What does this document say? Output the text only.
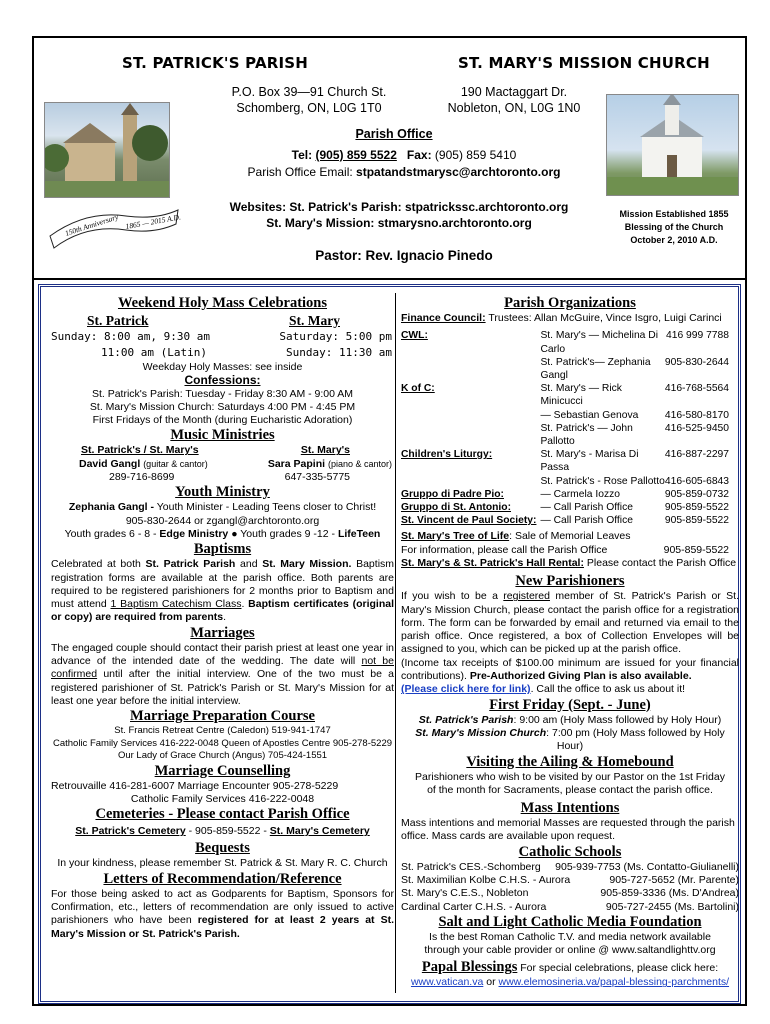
ST. PATRICK'S PARISH	ST. MARY'S MISSION CHURCH
150th Anniversary 1865 — 2015 A.D.
P.O. Box 39—91 Church St.
Schomberg, ON, L0G 1T0
190 Mactaggart Dr.
Nobleton, ON, L0G 1N0
Parish Office
Tel: (905) 859 5522 Fax: (905) 859 5410
Parish Office Email: stpatandstmarysc@archtoronto.org
Websites: St. Patrick's Parish: stpatrickssc.archtoronto.org
St. Mary's Mission: stmarysno.archtoronto.org
Mission Established 1855
Blessing of the Church
October 2, 2010 A.D.
Pastor: Rev. Ignacio Pinedo
Weekend Holy Mass Celebrations
St. Patrick	St. Mary
Sunday: 8:00 am, 9:30 am	Saturday: 5:00 pm
11:00 am (Latin)	Sunday: 11:30 am
Weekday Holy Masses: see inside
Confessions:
St. Patrick's Parish: Tuesday - Friday 8:30 AM - 9:00 AM
St. Mary's Mission Church: Saturdays 4:00 PM - 4:45 PM
First Fridays of the Month (during Eucharistic Adoration)
Music Ministries
St. Patrick's / St. Mary's	St. Mary's
David Gangl (guitar & cantor)	Sara Papini (piano & cantor)
289-716-8699	647-335-5775
Youth Ministry
Zephania Gangl - Youth Minister - Leading Teens closer to Christ!
905-830-2644 or zgangl@archtoronto.org
Youth grades 6 - 8 - Edge Ministry ● Youth grades 9 -12 - LifeTeen
Baptisms
Celebrated at both St. Patrick Parish and St. Mary Mission. Baptism registration forms are available at the parish office. Both parents are required to be registered parishioners for 2 months prior to Baptism and must attend 1 Baptism Catechism Class. Baptism certificates (original or copy) are required from parents.
Marriages
The engaged couple should contact their parish priest at least one year in advance of the intended date of the wedding. The date will not be confirmed until after the initial interview. One of the two must be a registered parishioner of St. Patrick's Parish or St. Mary's Mission for at least one year before the initial interview.
Marriage Preparation Course
St. Francis Retreat Centre (Caledon) 519-941-1747
Catholic Family Services 416-222-0048 Queen of Apostles Centre 905-278-5229
Our Lady of Grace Church (Angus) 705-424-1551
Marriage Counselling
Retrouvaille 416-281-6007 Marriage Encounter 905-278-5229
Catholic Family Services 416-222-0048
Cemeteries - Please contact Parish Office
St. Patrick's Cemetery - 905-859-5522 - St. Mary's Cemetery
Bequests
In your kindness, please remember St. Patrick & St. Mary R. C. Church
Letters of Recommendation/Reference
For those being asked to act as Godparents for Baptism, Sponsors for Confirmation, etc., letters of recommendation are only issued to active parishioners who have been registered for at least 2 years at St. Mary's Mission or St. Patrick's Parish.
Parish Organizations
Finance Council: Trustees: Allan McGuire, Vince Isgro, Luigi Carinci
CWL:	St. Mary's — Michelina Di Carlo	416 999 7788
	St. Patrick's— Zephania Gangl	905-830-2644
K of C:	St. Mary's — Rick Minicucci	416-768-5564
	— Sebastian Genova	416-580-8170
	St. Patrick's — John Pallotto	416-525-9450
Children's Liturgy:	St. Mary's - Marisa Di Passa	416-887-2297
	St. Patrick's - Rose Pallotto	416-605-6843
Gruppo di Padre Pio:	— Carmela Iozzo	905-859-0732
Gruppo di St. Antonio:	— Call Parish Office	905-859-5522
St. Vincent de Paul Society:	— Call Parish Office	905-859-5522
St. Mary's Tree of Life: Sale of Memorial Leaves
For information, please call the Parish Office	905-859-5522
St. Mary's & St. Patrick's Hall Rental: Please contact the Parish Office
New Parishioners
If you wish to be a registered member of St. Patrick's Parish or St. Mary's Mission Church, please contact the parish office for a registration form. The form can be forwarded by email and returned via email to the parish office. Once registered, a box of Collection Envelopes will be assigned to you, which can be picked up at the parish office.
(Income tax receipts of $100.00 minimum are issued for your financial contributions). Pre-Authorized Giving Plan is also available.
(Please click here for link). Call the office to ask us about it!
First Friday (Sept. - June)
St. Patrick's Parish: 9:00 am (Holy Mass followed by Holy Hour)
St. Mary's Mission Church: 7:00 pm (Holy Mass followed by Holy Hour)
Visiting the Ailing & Homebound
Parishioners who wish to be visited by our Pastor on the 1st Friday of the month for Sacraments, please contact the parish office.
Mass Intentions
Mass intentions and memorial Masses are requested through the parish office. Mass cards are available upon request.
Catholic Schools
St. Patrick's CES.-Schomberg 905-939-7753 (Ms. Contatto-Giulianelli)
St. Maximilian Kolbe C.H.S. - Aurora	905-727-5652 (Mr. Parente)
St. Mary's C.E.S., Nobleton	905-859-3336 (Ms. D'Andrea)
Cardinal Carter C.H.S. - Aurora	905-727-2455 (Ms. Bartolini)
Salt and Light Catholic Media Foundation
Is the best Roman Catholic T.V. and media network available through your cable provider or online @ www.saltandlighttv.org
Papal Blessings For special celebrations, please click here:
www.vatican.va or www.elemosineria.va/papal-blessing-parchments/
